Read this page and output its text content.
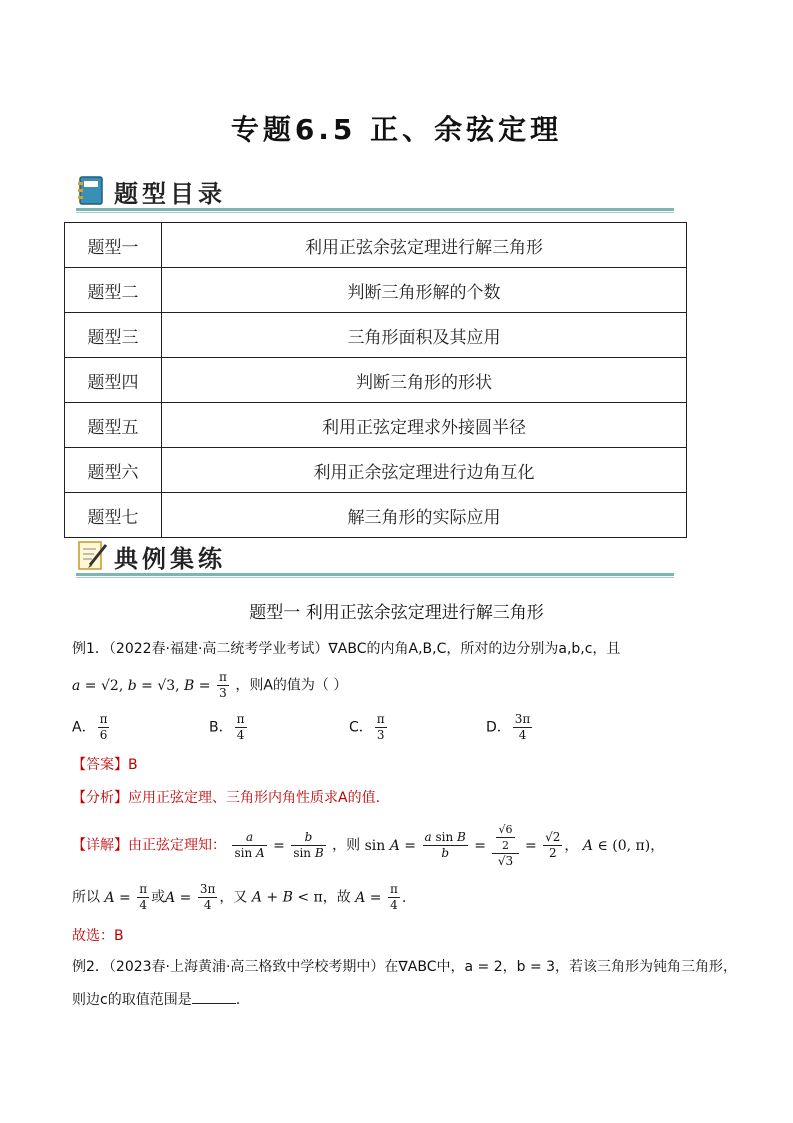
专题6.5 正、余弦定理
题型目录
题型一	利用正弦余弦定理进行解三角形
题型二	判断三角形解的个数
题型三	三角形面积及其应用
题型四	判断三角形的形状
题型五	利用正弦定理求外接圆半径
题型六	利用正余弦定理进行边角互化
题型七	解三角形的实际应用
典例集练
题型一 利用正弦余弦定理进行解三角形
例1．（2022春·福建·高二统考学业考试）∇ABC的内角A,B,C，所对的边分别为a,b,c，且
a = √2, b = √3, $B = \frac{\pi}{3}$ ，则A的值为（ ）
A． $\frac{\pi}{6}$	B． $\frac{\pi}{4}$	C． $\frac{\pi}{3}$	D． $\frac{3\pi}{4}$
【答案】B
【分析】应用正弦定理、三角形内角性质求A的值.
【详解】由正弦定理知： $\frac{a}{\text{sin A}} = \frac{b}{\text{sin B}}$ ，则 $\sin A = \frac{\text{a sin B}}{b} = \frac{\frac{√6}{2}}{√3} = \frac{√2}{2}$ ， A ∈ (0, π)，
所以 $A = \frac{\pi}{4}$ 或$A = \frac{3\pi}{4}$ ，又 A + B < π，故 $A = \frac{\pi}{4}$ .
故选：B
例2．（2023春·上海黄浦·高三格致中学校考期中）在∇ABC中，a = 2，b = 3，若该三角形为钝角三角形，
则边c的取值范围是	.
